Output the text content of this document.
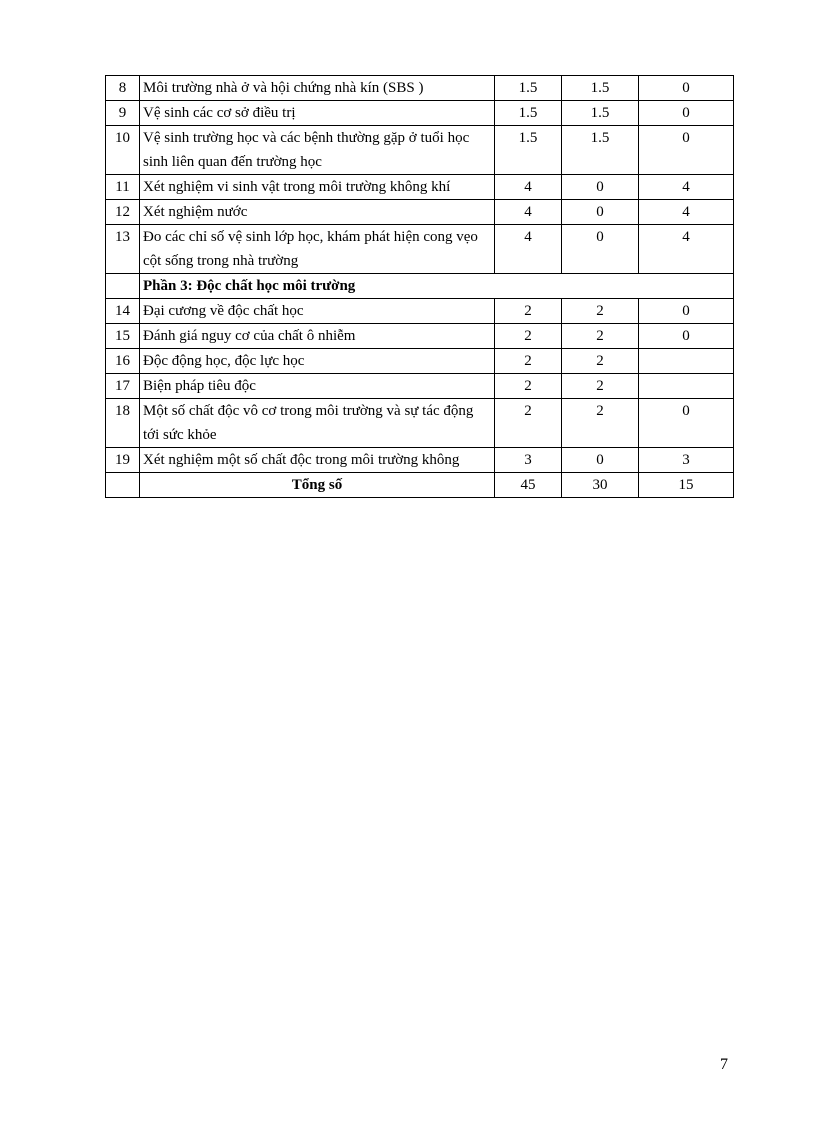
8	Môi trường nhà ở và hội chứng nhà kín (SBS )	1.5	1.5	0
9	Vệ sinh các cơ sở điều trị	1.5	1.5	0
10	Vệ sinh trường học và các bệnh thường gặp ở tuổi học sinh liên quan đến trường học	1.5	1.5	0
11	Xét nghiệm vi sinh vật trong môi trường không khí	4	0	4
12	Xét nghiệm nước	4	0	4
13	Đo các chỉ số vệ sinh lớp học, khám phát hiện cong vẹo cột sống trong nhà trường	4	0	4
	Phần 3: Độc chất học môi trường			
14	Đại cương về độc chất học	2	2	0
15	Đánh giá nguy cơ của chất ô nhiễm	2	2	0
16	Độc động học, độc lực học	2	2	
17	Biện pháp tiêu độc	2	2	
18	Một số chất độc vô cơ trong môi trường và sự tác động tới sức khỏe	2	2	0
19	Xét nghiệm một số chất độc trong môi trường không	3	0	3
	Tổng số	45	30	15
7
